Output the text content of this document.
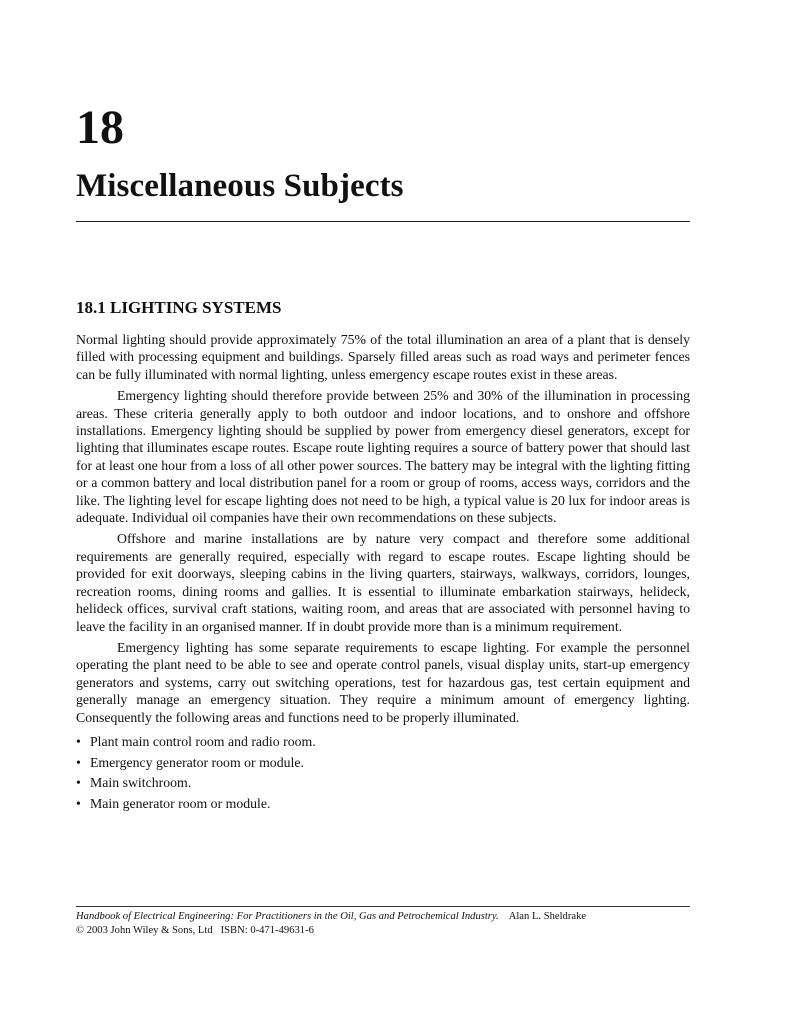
18
Miscellaneous Subjects
18.1 LIGHTING SYSTEMS

Normal lighting should provide approximately 75% of the total illumination an area of a plant that is densely filled with processing equipment and buildings. Sparsely filled areas such as road ways and perimeter fences can be fully illuminated with normal lighting, unless emergency escape routes exist in these areas.

Emergency lighting should therefore provide between 25% and 30% of the illumination in processing areas. These criteria generally apply to both outdoor and indoor locations, and to onshore and offshore installations. Emergency lighting should be supplied by power from emergency diesel generators, except for lighting that illuminates escape routes. Escape route lighting requires a source of battery power that should last for at least one hour from a loss of all other power sources. The battery may be integral with the lighting fitting or a common battery and local distribution panel for a room or group of rooms, access ways, corridors and the like. The lighting level for escape lighting does not need to be high, a typical value is 20 lux for indoor areas is adequate. Individual oil companies have their own recommendations on these subjects.

Offshore and marine installations are by nature very compact and therefore some additional requirements are generally required, especially with regard to escape routes. Escape lighting should be provided for exit doorways, sleeping cabins in the living quarters, stairways, walkways, corridors, lounges, recreation rooms, dining rooms and gallies. It is essential to illuminate embarkation stairways, helideck, helideck offices, survival craft stations, waiting room, and areas that are associated with personnel having to leave the facility in an organised manner. If in doubt provide more than is a minimum requirement.

Emergency lighting has some separate requirements to escape lighting. For example the personnel operating the plant need to be able to see and operate control panels, visual display units, start-up emergency generators and systems, carry out switching operations, test for hazardous gas, test certain equipment and generally manage an emergency situation. They require a minimum amount of emergency lighting. Consequently the following areas and functions need to be properly illuminated.

• Plant main control room and radio room.
• Emergency generator room or module.
• Main switchroom.
• Main generator room or module.
Handbook of Electrical Engineering: For Practitioners in the Oil, Gas and Petrochemical Industry. Alan L. Sheldrake
© 2003 John Wiley & Sons, Ltd ISBN: 0-471-49631-6
